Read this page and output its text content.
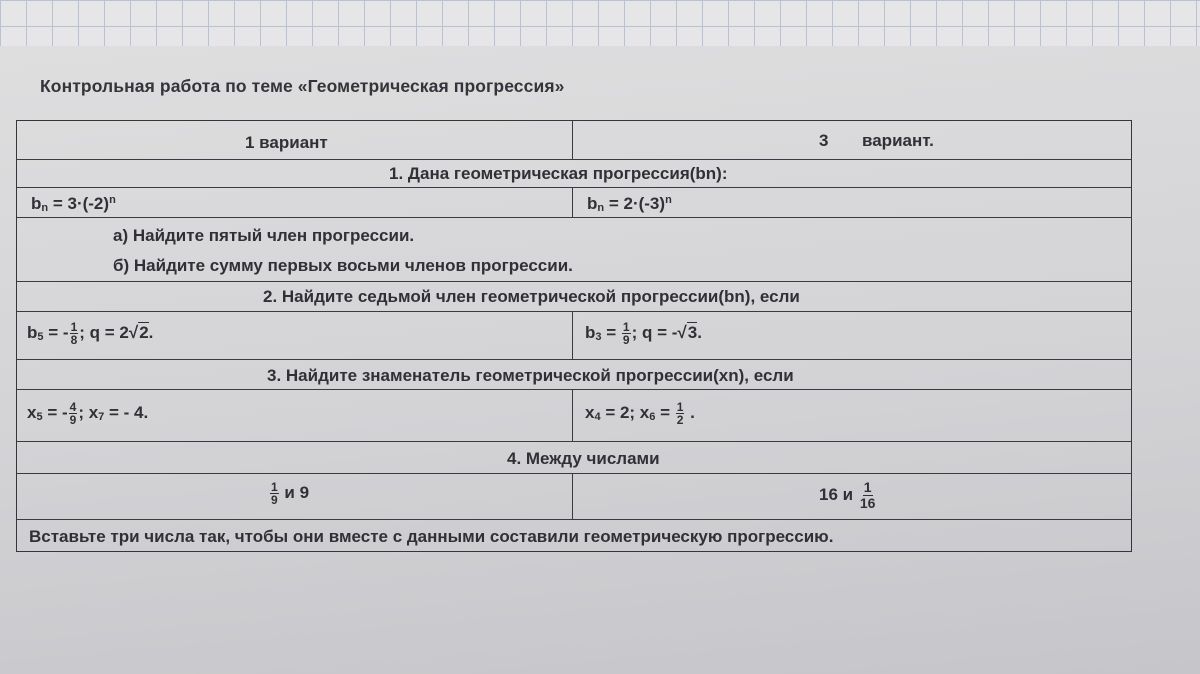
Контрольная работа по теме «Геометрическая прогрессия»
1 вариант	3 вариант.
1. Дана геометрическая прогрессия(bn):
$b_n = 3\cdot(-2)^n$	$b_n = 2\cdot(-3)^n$
а) Найдите пятый член прогрессии.
б) Найдите сумму первых восьми членов прогрессии.
2. Найдите седьмой член геометрической прогрессии(bn), если
$b_5$ = - $\frac{1}{8}$ ; q = 2√2.	$b_3 = \frac{1}{9}$ ; q = -√3.
3. Найдите знаменатель геометрической прогрессии(xn), если
$x_5$ = - $\frac{4}{9}$ ; $x_7$ = - 4.	$x_4 = 2$; $x_6 = \frac{1}{2}$ .
4. Между числами
$\frac{1}{9}$ и 9	16 и $\frac{1}{16}$
Вставьте три числа так, чтобы они вместе с данными составили геометрическую прогрессию.
